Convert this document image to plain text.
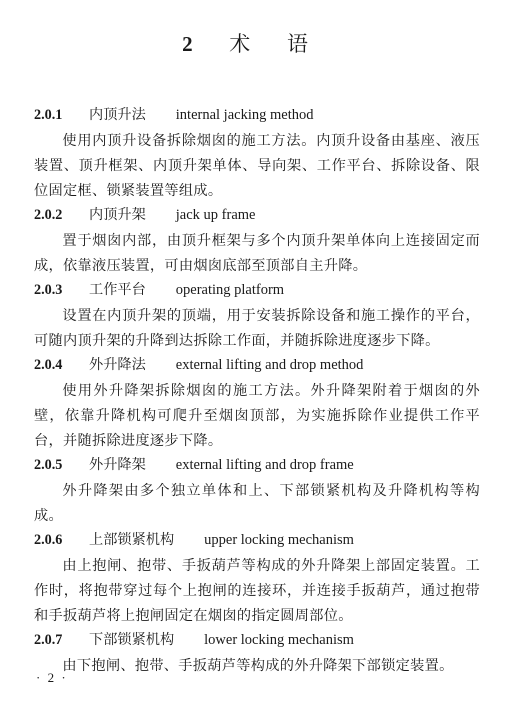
2 术 语
2.0.1	内顶升法 internal jacking method

使用内顶升设备拆除烟囱的施工方法。内顶升设备由基座、液压装置、顶升框架、内顶升架单体、导向架、工作平台、拆除设备、限位固定框、锁紧装置等组成。

2.0.2	内顶升架 jack up frame

置于烟囱内部，由顶升框架与多个内顶升架单体向上连接固定而成，依靠液压装置，可由烟囱底部至顶部自主升降。

2.0.3	工作平台 operating platform

设置在内顶升架的顶端，用于安装拆除设备和施工操作的平台，可随内顶升架的升降到达拆除工作面，并随拆除进度逐步下降。

2.0.4	外升降法 external lifting and drop method

使用外升降架拆除烟囱的施工方法。外升降架附着于烟囱的外壁，依靠升降机构可爬升至烟囱顶部，为实施拆除作业提供工作平台，并随拆除进度逐步下降。

2.0.5	外升降架 external lifting and drop frame

外升降架由多个独立单体和上、下部锁紧机构及升降机构等构成。

2.0.6	上部锁紧机构 upper locking mechanism

由上抱闸、抱带、手扳葫芦等构成的外升降架上部固定装置。工作时，将抱带穿过每个上抱闸的连接环，并连接手扳葫芦，通过抱带和手扳葫芦将上抱闸固定在烟囱的指定圆周部位。

2.0.7	下部锁紧机构 lower locking mechanism

由下抱闸、抱带、手扳葫芦等构成的外升降架下部锁定装置。

· 2 ·
